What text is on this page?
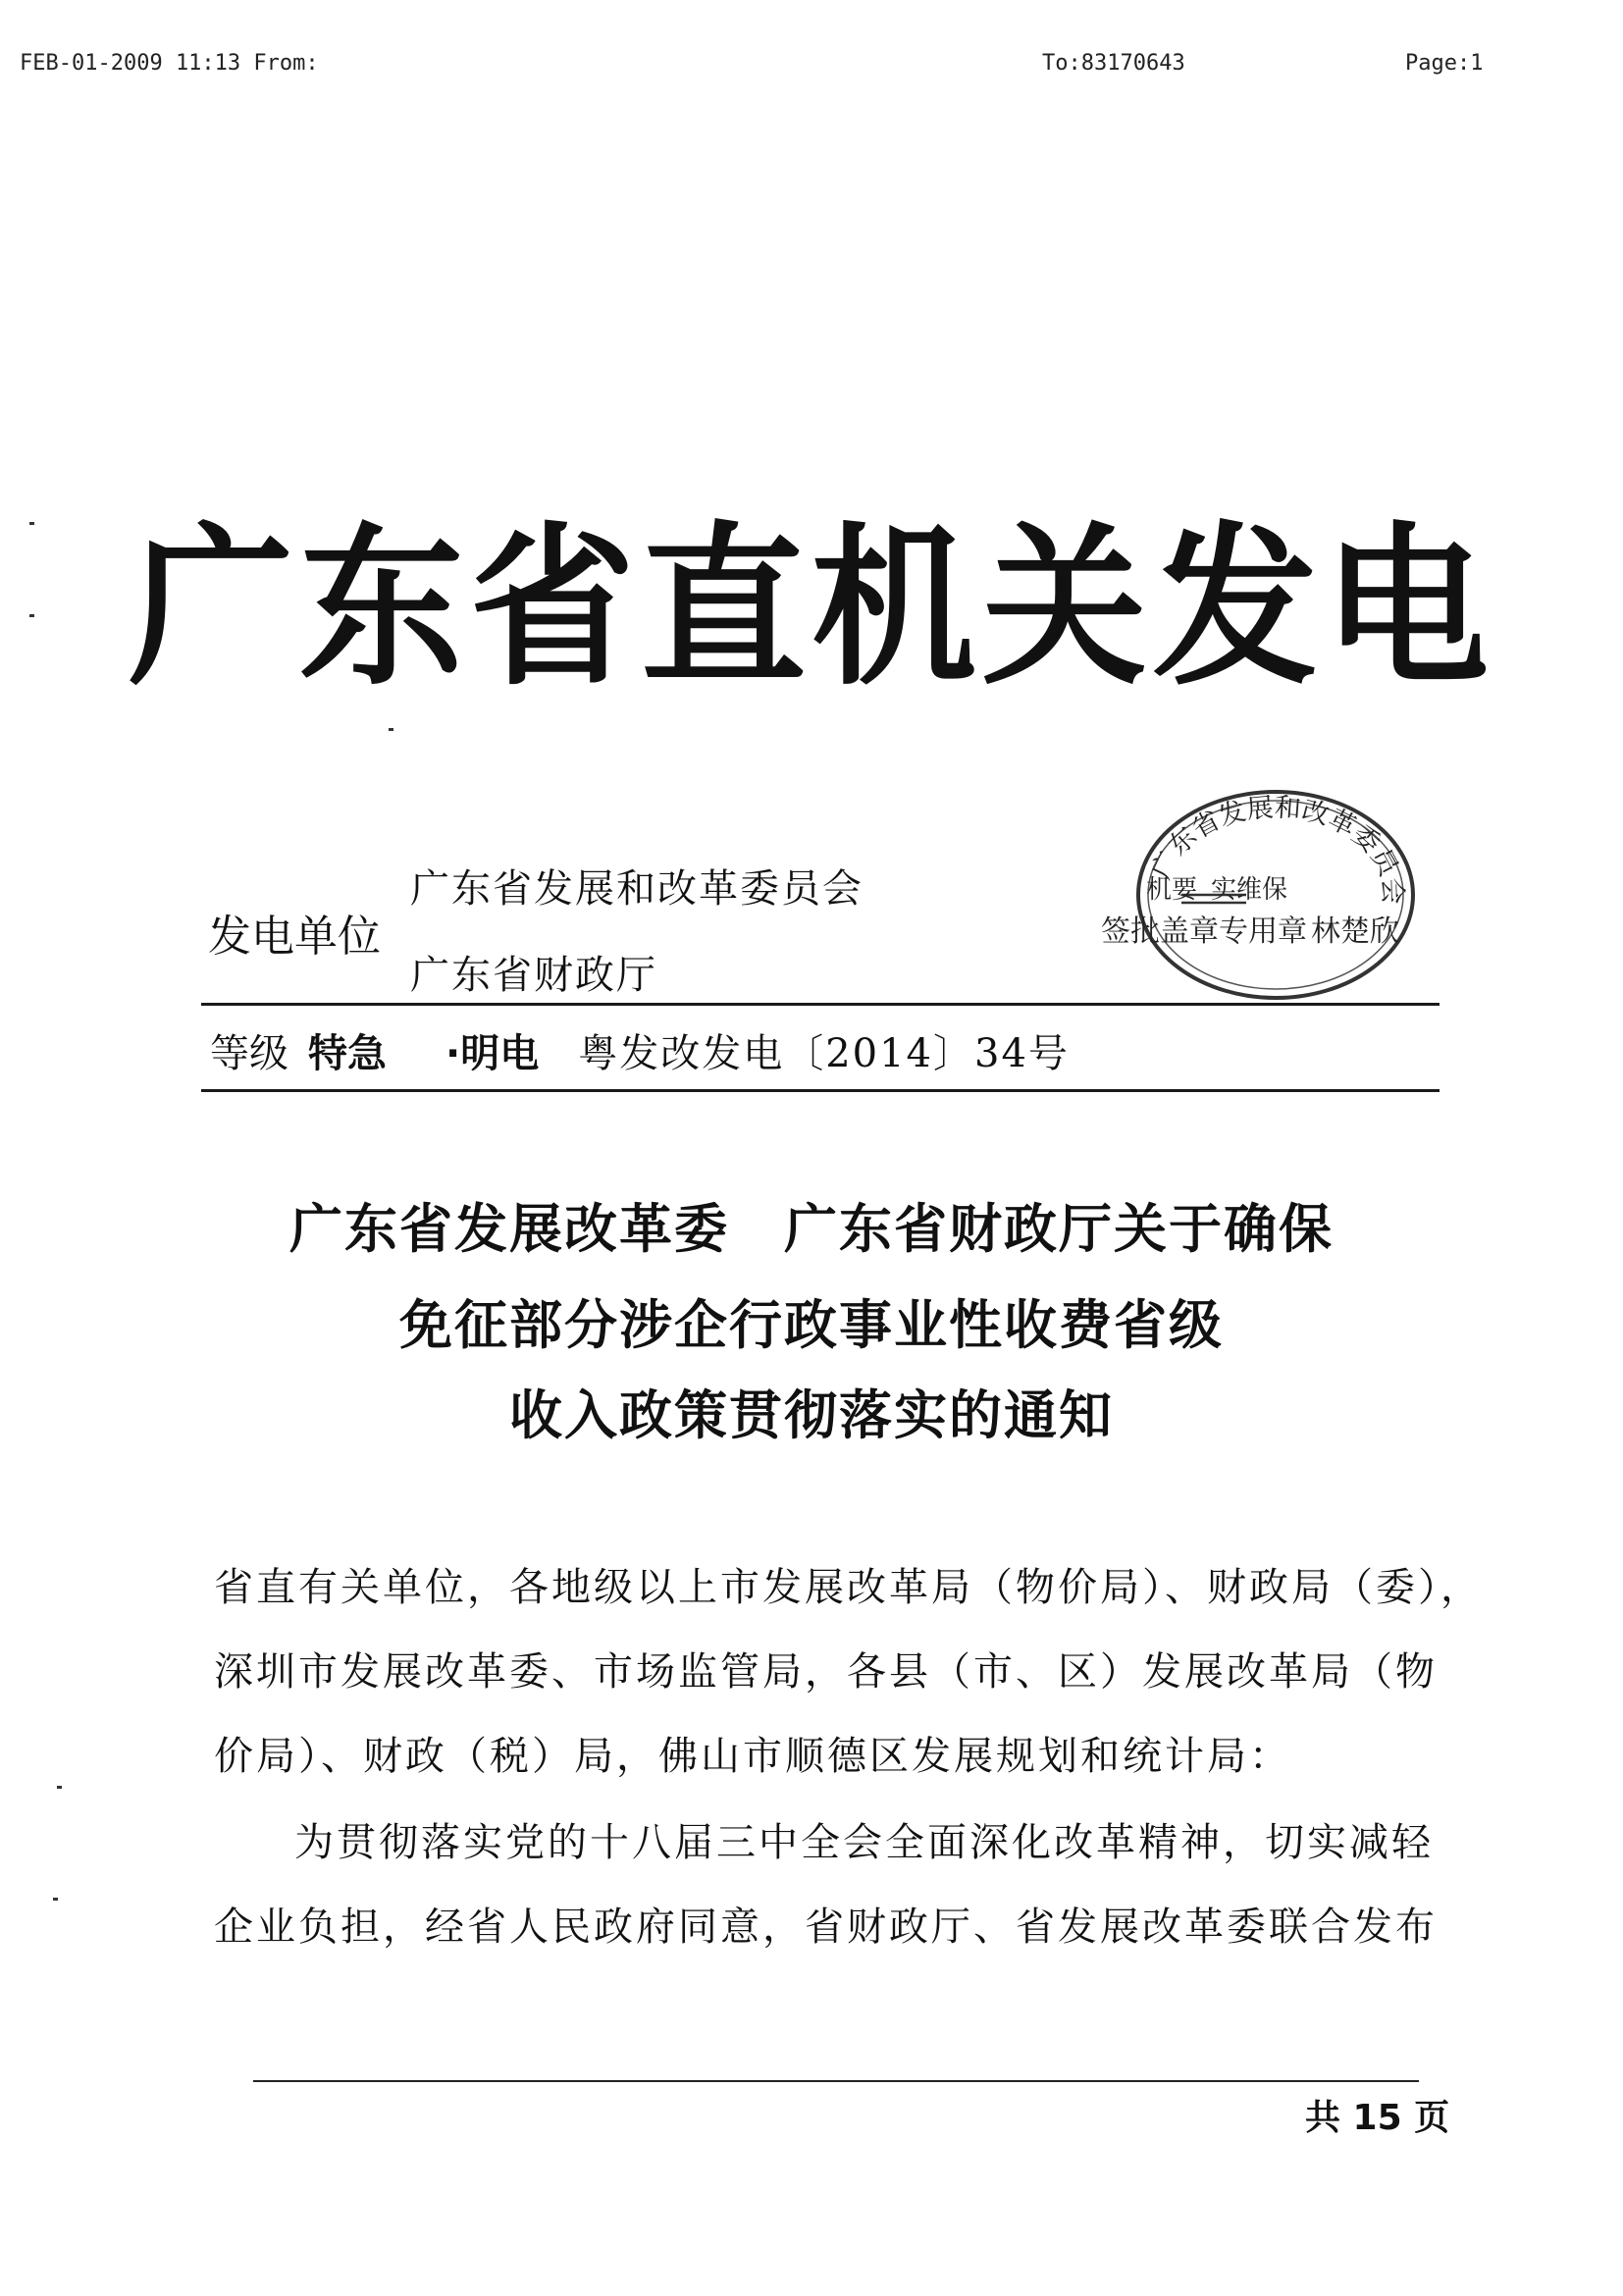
FEB-01-2009 11:13 From:	To:83170643	Page:1
广东省直机关发电
发电单位
广东省发展和改革委员会
广东省财政厅
广东省发展和改革委员会
机要 实维保
签批盖章专用章 林楚欣
等级 特急 ·明电 粤发改发电〔2014〕34号
广东省发展改革委　广东省财政厅关于确保
免征部分涉企行政事业性收费省级
收入政策贯彻落实的通知
省直有关单位，各地级以上市发展改革局（物价局）、财政局（委），
深圳市发展改革委、市场监管局，各县（市、区）发展改革局（物
价局）、财政（税）局，佛山市顺德区发展规划和统计局：
为贯彻落实党的十八届三中全会全面深化改革精神，切实减轻
企业负担，经省人民政府同意，省财政厅、省发展改革委联合发布
共 15 页
